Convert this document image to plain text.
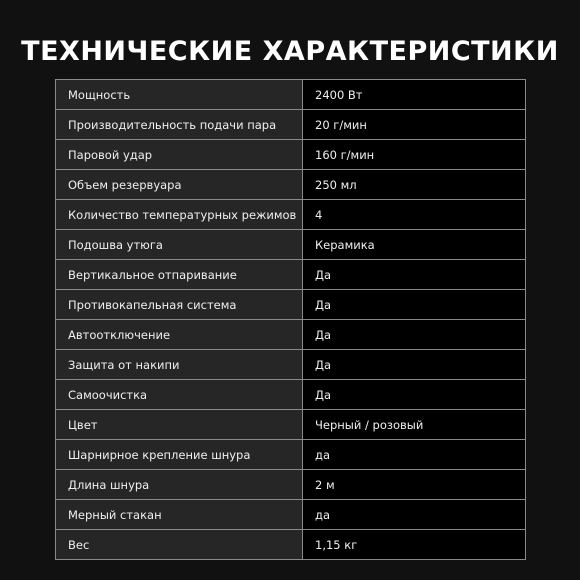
ТЕХНИЧЕСКИЕ ХАРАКТЕРИСТИКИ
Мощность	2400 Вт
Производительность подачи пара	20 г/мин
Паровой удар	160 г/мин
Объем резервуара	250 мл
Количество температурных режимов	4
Подошва утюга	Керамика
Вертикальное отпаривание	Да
Противокапельная система	Да
Автоотключение	Да
Защита от накипи	Да
Самоочистка	Да
Цвет	Черный / розовый
Шарнирное крепление шнура	да
Длина шнура	2 м
Мерный стакан	да
Вес	1,15 кг
